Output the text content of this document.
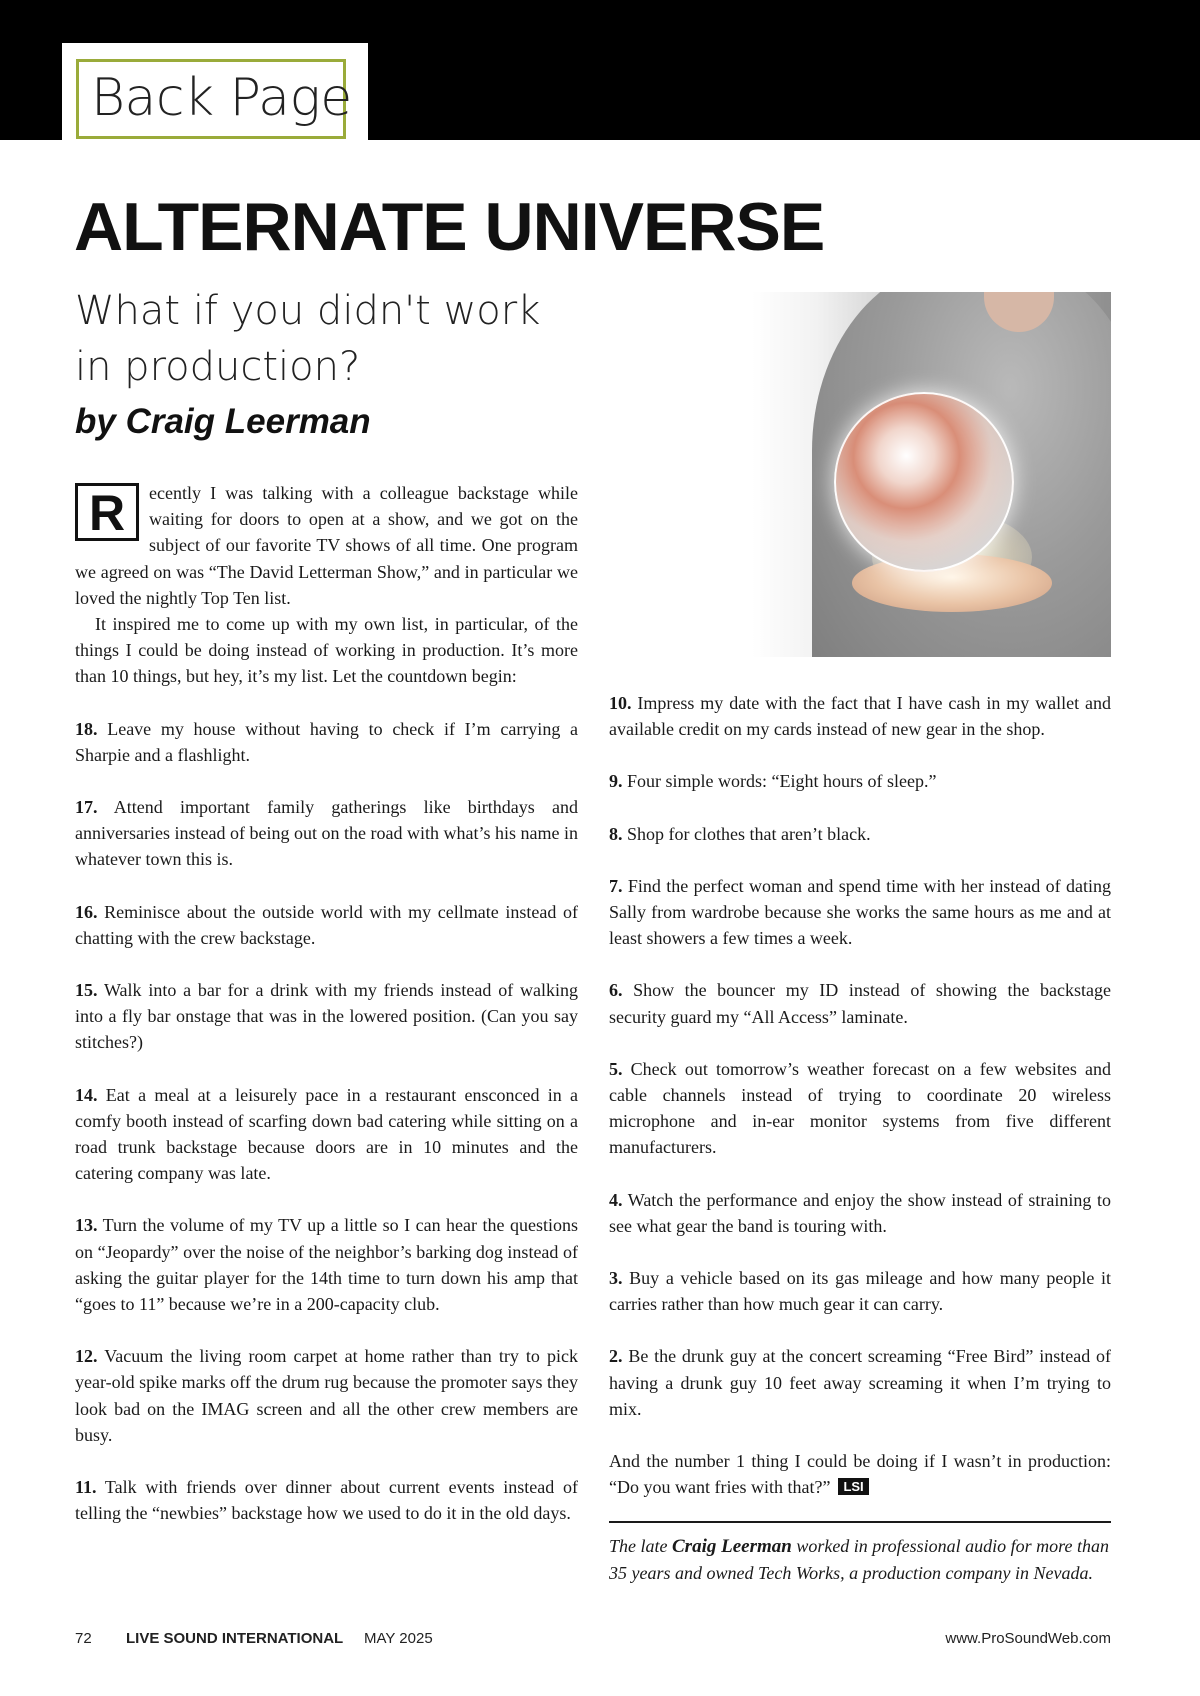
Back Page
ALTERNATE UNIVERSE
What if you didn't work
in production?
by Craig Leerman

R	ecently I was talking with a colleague backstage while waiting for doors to open at a show, and we got on the subject of our favorite TV shows of all time. One program we agreed on was “The David Letterman Show,” and in particular we loved the nightly Top Ten list.

It inspired me to come up with my own list, in particular, of the things I could be doing instead of working in production. It’s more than 10 things, but hey, it’s my list. Let the countdown begin:

18. Leave my house without having to check if I’m carrying a Sharpie and a flashlight.

17. Attend important family gatherings like birthdays and anniversaries instead of being out on the road with what’s his name in whatever town this is.

16. Reminisce about the outside world with my cellmate instead of chatting with the crew backstage.

15. Walk into a bar for a drink with my friends instead of walking into a fly bar onstage that was in the lowered position. (Can you say stitches?)

14. Eat a meal at a leisurely pace in a restaurant ensconced in a comfy booth instead of scarfing down bad catering while sitting on a road trunk backstage because doors are in 10 minutes and the catering company was late.

13. Turn the volume of my TV up a little so I can hear the questions on “Jeopardy” over the noise of the neighbor’s barking dog instead of asking the guitar player for the 14th time to turn down his amp that “goes to 11” because we’re in a 200-capacity club.

12. Vacuum the living room carpet at home rather than try to pick year-old spike marks off the drum rug because the promoter says they look bad on the IMAG screen and all the other crew members are busy.

11. Talk with friends over dinner about current events instead of telling the “newbies” backstage how we used to do it in the old days.

10. Impress my date with the fact that I have cash in my wallet and available credit on my cards instead of new gear in the shop.

9. Four simple words: “Eight hours of sleep.”

8. Shop for clothes that aren’t black.

7. Find the perfect woman and spend time with her instead of dating Sally from wardrobe because she works the same hours as me and at least showers a few times a week.

6. Show the bouncer my ID instead of showing the backstage security guard my “All Access” laminate.

5. Check out tomorrow’s weather forecast on a few websites and cable channels instead of trying to coordinate 20 wireless microphone and in-ear monitor systems from five different manufacturers.

4. Watch the performance and enjoy the show instead of straining to see what gear the band is touring with.

3. Buy a vehicle based on its gas mileage and how many people it carries rather than how much gear it can carry.

2. Be the drunk guy at the concert screaming “Free Bird” instead of having a drunk guy 10 feet away screaming it when I’m trying to mix.

And the number 1 thing I could be doing if I wasn’t in production: “Do you want fries with that?” LSI

The late Craig Leerman worked in professional audio for more than 35 years and owned Tech Works, a production company in Nevada.

72 LIVE SOUND INTERNATIONAL MAY 2025	www.ProSoundWeb.com
